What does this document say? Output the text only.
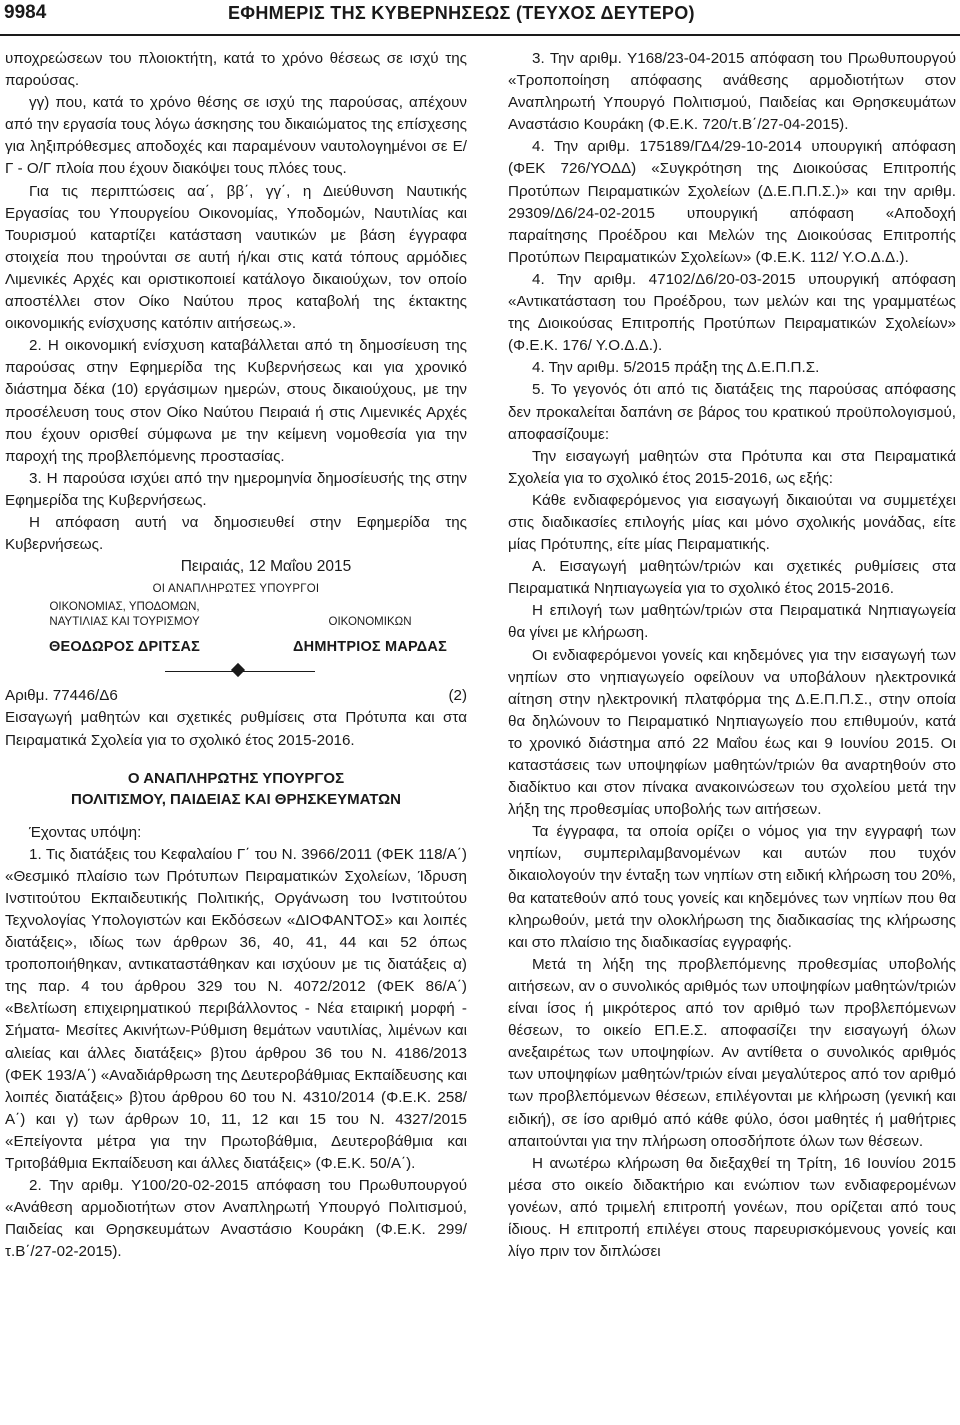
9984	ΕΦΗΜΕΡΙΣ ΤΗΣ ΚΥΒΕΡΝΗΣΕΩΣ (ΤΕΥΧΟΣ ΔΕΥΤΕΡΟ)

υποχρεώσεων του πλοιοκτήτη, κατά το χρόνο θέσεως σε ισχύ της παρούσας.

γγ) που, κατά το χρόνο θέσης σε ισχύ της παρούσας, απέχουν από την εργασία τους λόγω άσκησης του δικαιώματος της επίσχεσης για ληξιπρόθεσμες αποδοχές και παραμένουν ναυτολογημένοι σε Ε/Γ - Ο/Γ πλοία που έχουν διακόψει τους πλόες τους.

Για τις περιπτώσεις αα΄, ββ΄, γγ΄, η Διεύθυνση Ναυτικής Εργασίας του Υπουργείου Οικονομίας, Υποδομών, Ναυτιλίας και Τουρισμού καταρτίζει κατάσταση ναυτικών με βάση έγγραφα στοιχεία που τηρούνται σε αυτή ή/και στις κατά τόπους αρμόδιες Λιμενικές Αρχές και οριστικοποιεί κατάλογο δικαιούχων, τον οποίο αποστέλλει στον Οίκο Ναύτου προς καταβολή της έκτακτης οικονομικής ενίσχυσης κατόπιν αιτήσεως.».

2. Η οικονομική ενίσχυση καταβάλλεται από τη δημοσίευση της παρούσας στην Εφημερίδα της Κυβερνήσεως και για χρονικό διάστημα δέκα (10) εργάσιμων ημερών, στους δικαιούχους, με την προσέλευση τους στον Οίκο Ναύτου Πειραιά ή στις Λιμενικές Αρχές που έχουν ορισθεί σύμφωνα με την κείμενη νομοθεσία για την παροχή της προβλεπόμενης προστασίας.

3. Η παρούσα ισχύει από την ημερομηνία δημοσίευσής της στην Εφημερίδα της Κυβερνήσεως.

Η απόφαση αυτή να δημοσιευθεί στην Εφημερίδα της Κυβερνήσεως.

Πειραιάς, 12 Μαΐου 2015

ΟΙ ΑΝΑΠΛΗΡΩΤΕΣ ΥΠΟΥΡΓΟΙ

ΟΙΚΟΝΟΜΙΑΣ, ΥΠΟΔΟΜΩΝ,
ΝΑΥΤΙΛΙΑΣ ΚΑΙ ΤΟΥΡΙΣΜΟΥ
ΘΕΟΔΩΡΟΣ ΔΡΙΤΣΑΣ
ΟΙΚΟΝΟΜΙΚΩΝ
ΔΗΜΗΤΡΙΟΣ ΜΑΡΔΑΣ
Αριθμ. 77446/Δ6	(2)

Εισαγωγή μαθητών και σχετικές ρυθμίσεις στα Πρότυπα και στα Πειραματικά Σχολεία για το σχολικό έτος 2015-2016.

Ο ΑΝΑΠΛΗΡΩΤΗΣ ΥΠΟΥΡΓΟΣ
ΠΟΛΙΤΙΣΜΟΥ, ΠΑΙΔΕΙΑΣ ΚΑΙ ΘΡΗΣΚΕΥΜΑΤΩΝ

Έχοντας υπόψη:

1. Τις διατάξεις του Κεφαλαίου Γ΄ του Ν. 3966/2011 (ΦΕΚ 118/Α΄) «Θεσμικό πλαίσιο των Πρότυπων Πειραματικών Σχολείων, Ίδρυση Ινστιτούτου Εκπαιδευτικής Πολιτικής, Οργάνωση του Ινστιτούτου Τεχνολογίας Υπολογιστών και Εκδόσεων «ΔΙΟΦΑΝΤΟΣ» και λοιπές διατάξεις», ιδίως των άρθρων 36, 40, 41, 44 και 52 όπως τροποποιήθηκαν, αντικαταστάθηκαν και ισχύουν με τις διατάξεις α) της παρ. 4 του άρθρου 329 του Ν. 4072/2012 (ΦΕΚ 86/Α΄) «Βελτίωση επιχειρηματικού περιβάλλοντος - Νέα εταιρική μορφή - Σήματα- Μεσίτες Ακινήτων-Ρύθμιση θεμάτων ναυτιλίας, λιμένων και αλιείας και άλλες διατάξεις» β)του άρθρου 36 του Ν. 4186/2013 (ΦΕΚ 193/Α΄) «Αναδιάρθρωση της Δευτεροβάθμιας Εκπαίδευσης και λοιπές διατάξεις» β)του άρθρου 60 του Ν. 4310/2014 (Φ.Ε.Κ. 258/Α΄) και γ) των άρθρων 10, 11, 12 και 15 του Ν. 4327/2015 «Επείγοντα μέτρα για την Πρωτοβάθμια, Δευτεροβάθμια και Τριτοβάθμια Εκπαίδευση και άλλες διατάξεις» (Φ.Ε.Κ. 50/Α΄).

2. Την αριθμ. Υ100/20-02-2015 απόφαση του Πρωθυπουργού «Ανάθεση αρμοδιοτήτων στον Αναπληρωτή Υπουργό Πολιτισμού, Παιδείας και Θρησκευμάτων Αναστάσιο Κουράκη (Φ.Ε.Κ. 299/τ.Β΄/27-02-2015).

3. Την αριθμ. Υ168/23-04-2015 απόφαση του Πρωθυπουργού «Τροποποίηση απόφασης ανάθεσης αρμοδιοτήτων στον Αναπληρωτή Υπουργό Πολιτισμού, Παιδείας και Θρησκευμάτων Αναστάσιο Κουράκη (Φ.Ε.Κ. 720/τ.Β΄/27-04-2015).

4. Την αριθμ. 175189/ΓΔ4/29-10-2014 υπουργική απόφαση (ΦΕΚ 726/ΥΟΔΔ) «Συγκρότηση της Διοικούσας Επιτροπής Προτύπων Πειραματικών Σχολείων (Δ.Ε.Π.Π.Σ.)» και την αριθμ. 29309/Δ6/24-02-2015 υπουργική απόφαση «Αποδοχή παραίτησης Προέδρου και Μελών της Διοικούσας Επιτροπής Προτύπων Πειραματικών Σχολείων» (Φ.Ε.Κ. 112/ Υ.Ο.Δ.Δ.).

4. Την αριθμ. 47102/Δ6/20-03-2015 υπουργική απόφαση «Αντικατάσταση του Προέδρου, των μελών και της γραμματέως της Διοικούσας Επιτροπής Προτύπων Πειραματικών Σχολείων» (Φ.Ε.Κ. 176/ Υ.Ο.Δ.Δ.).

4. Την αριθμ. 5/2015 πράξη της Δ.Ε.Π.Π.Σ.

5. Το γεγονός ότι από τις διατάξεις της παρούσας απόφασης δεν προκαλείται δαπάνη σε βάρος του κρατικού προϋπολογισμού, αποφασίζουμε:

Την εισαγωγή μαθητών στα Πρότυπα και στα Πειραματικά Σχολεία για το σχολικό έτος 2015-2016, ως εξής:

Κάθε ενδιαφερόμενος για εισαγωγή δικαιούται να συμμετέχει στις διαδικασίες επιλογής μίας και μόνο σχολικής μονάδας, είτε μίας Πρότυπης, είτε μίας Πειραματικής.

Α. Εισαγωγή μαθητών/τριών και σχετικές ρυθμίσεις στα Πειραματικά Νηπιαγωγεία για το σχολικό έτος 2015-2016.

Η επιλογή των μαθητών/τριών στα Πειραματικά Νηπιαγωγεία θα γίνει με κλήρωση.

Οι ενδιαφερόμενοι γονείς και κηδεμόνες για την εισαγωγή των νηπίων στο νηπιαγωγείο οφείλουν να υποβάλουν ηλεκτρονικά αίτηση στην ηλεκτρονική πλατφόρμα της Δ.Ε.Π.Π.Σ., στην οποία θα δηλώνουν το Πειραματικό Νηπιαγωγείο που επιθυμούν, κατά το χρονικό διάστημα από 22 Μαΐου έως και 9 Ιουνίου 2015. Οι καταστάσεις των υποψηφίων μαθητών/τριών θα αναρτηθούν στο διαδίκτυο και στον πίνακα ανακοινώσεων του σχολείου μετά την λήξη της προθεσμίας υποβολής των αιτήσεων.

Τα έγγραφα, τα οποία ορίζει ο νόμος για την εγγραφή των νηπίων, συμπεριλαμβανομένων και αυτών που τυχόν δικαιολογούν την ένταξη των νηπίων στη ειδική κλήρωση του 20%, θα κατατεθούν από τους γονείς και κηδεμόνες των νηπίων που θα κληρωθούν, μετά την ολοκλήρωση της διαδικασίας της κλήρωσης και στο πλαίσιο της διαδικασίας εγγραφής.

Μετά τη λήξη της προβλεπόμενης προθεσμίας υποβολής αιτήσεων, αν ο συνολικός αριθμός των υποψηφίων μαθητών/τριών είναι ίσος ή μικρότερος από τον αριθμό των προβλεπόμενων θέσεων, το οικείο ΕΠ.Ε.Σ. αποφασίζει την εισαγωγή όλων ανεξαιρέτως των υποψηφίων. Αν αντίθετα ο συνολικός αριθμός των υποψηφίων μαθητών/τριών είναι μεγαλύτερος από τον αριθμό των προβλεπόμενων θέσεων, επιλέγονται με κλήρωση (γενική και ειδική), σε ίσο αριθμό από κάθε φύλο, όσοι μαθητές ή μαθήτριες απαιτούνται για την πλήρωση οποσδήποτε όλων των θέσεων.

Η ανωτέρω κλήρωση θα διεξαχθεί τη Τρίτη, 16 Ιουνίου 2015 μέσα στο οικείο διδακτήριο και ενώπιον των ενδιαφερομένων γονέων, από τριμελή επιτροπή γονέων, που ορίζεται από τους ίδιους. Η επιτροπή επιλέγει στους παρευρισκόμενους γονείς και λίγο πριν τον διπλώσει
